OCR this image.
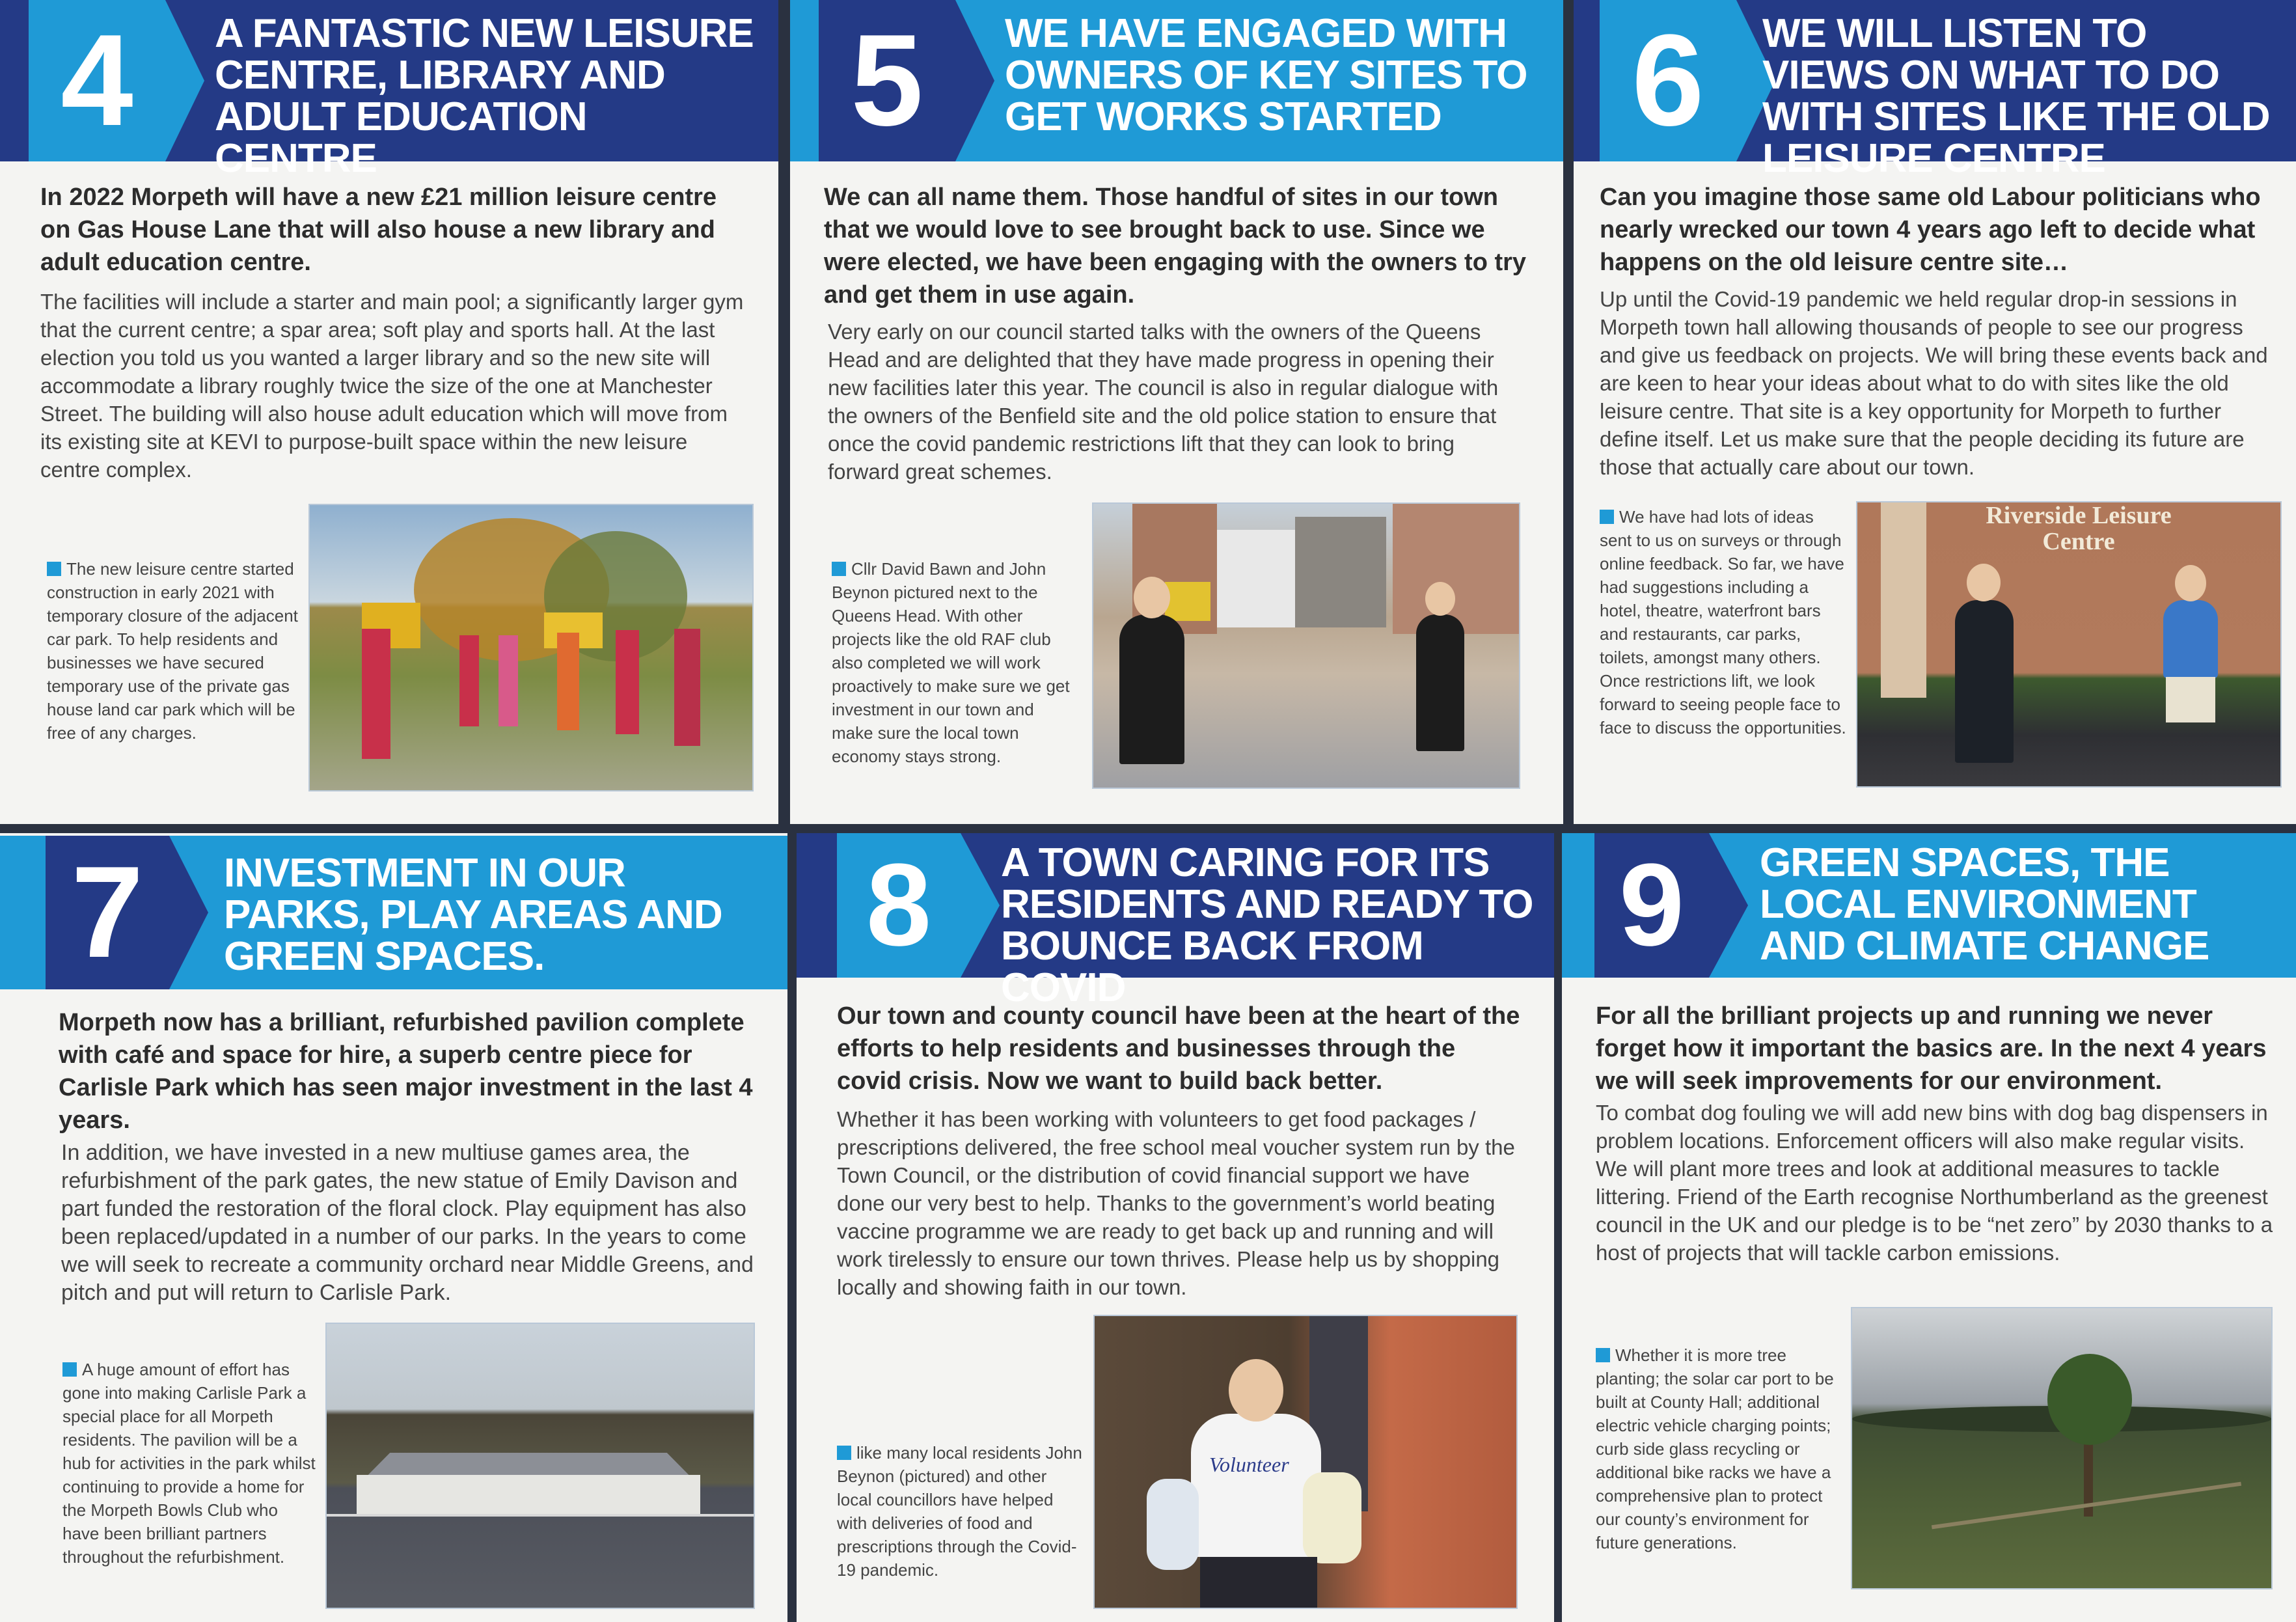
4	A FANTASTIC NEW LEISURE CENTRE, LIBRARY AND ADULT EDUCATION CENTRE
In 2022 Morpeth will have a new £21 million leisure centre on Gas House Lane that will also house a new library and adult education centre.
The facilities will include a starter and main pool; a significantly larger gym that the current centre; a spar area; soft play and sports hall. At the last election you told us you wanted a larger library and so the new site will accommodate a library roughly twice the size of the one at Manchester Street. The building will also house adult education which will move from its existing site at KEVI to purpose-built space within the new leisure centre complex.
The new leisure centre started construction in early 2021 with temporary closure of the adjacent car park. To help residents and businesses we have secured temporary use of the private gas house land car park which will be free of any charges.
5	WE HAVE ENGAGED WITH OWNERS OF KEY SITES TO GET WORKS STARTED
We can all name them. Those handful of sites in our town that we would love to see brought back to use. Since we were elected, we have been engaging with the owners to try and get them in use again.
Very early on our council started talks with the owners of the Queens Head and are delighted that they have made progress in opening their new facilities later this year. The council is also in regular dialogue with the owners of the Benfield site and the old police station to ensure that once the covid pandemic restrictions lift that they can look to bring forward great schemes.
Cllr David Bawn and John Beynon pictured next to the Queens Head. With other projects like the old RAF club also completed we will work proactively to make sure we get investment in our town and make sure the local town economy stays strong.
6	WE WILL LISTEN TO VIEWS ON WHAT TO DO WITH SITES LIKE THE OLD LEISURE CENTRE
Can you imagine those same old Labour politicians who nearly wrecked our town 4 years ago left to decide what happens on the old leisure centre site…
Up until the Covid-19 pandemic we held regular drop-in sessions in Morpeth town hall allowing thousands of people to see our progress and give us feedback on projects. We will bring these events back and are keen to hear your ideas about what to do with sites like the old leisure centre. That site is a key opportunity for Morpeth to further define itself. Let us make sure that the people deciding its future are those that actually care about our town.
We have had lots of ideas sent to us on surveys or through online feedback. So far, we have had suggestions including a hotel, theatre, waterfront bars and restaurants, car parks, toilets, amongst many others. Once restrictions lift, we look forward to seeing people face to face to discuss the opportunities.
Riverside Leisure Centre
7	INVESTMENT IN OUR PARKS, PLAY AREAS AND GREEN SPACES.
Morpeth now has a brilliant, refurbished pavilion complete with café and space for hire, a superb centre piece for Carlisle Park which has seen major investment in the last 4 years.
In addition, we have invested in a new multiuse games area, the refurbishment of the park gates, the new statue of Emily Davison and part funded the restoration of the floral clock. Play equipment has also been replaced/updated in a number of our parks. In the years to come we will seek to recreate a community orchard near Middle Greens, and pitch and put will return to Carlisle Park.
A huge amount of effort has gone into making Carlisle Park a special place for all Morpeth residents. The pavilion will be a hub for activities in the park whilst continuing to provide a home for the Morpeth Bowls Club who have been brilliant partners throughout the refurbishment.
8	A TOWN CARING FOR ITS RESIDENTS AND READY TO BOUNCE BACK FROM COVID
Our town and county council have been at the heart of the efforts to help residents and businesses through the covid crisis. Now we want to build back better.
Whether it has been working with volunteers to get food packages / prescriptions delivered, the free school meal voucher system run by the Town Council, or the distribution of covid financial support we have done our very best to help. Thanks to the government’s world beating vaccine programme we are ready to get back up and running and will work tirelessly to ensure our town thrives. Please help us by shopping locally and showing faith in our town.
like many local residents John Beynon (pictured) and other local councillors have helped with deliveries of food and prescriptions through the Covid-19 pandemic.
Volunteer
9	GREEN SPACES, THE LOCAL ENVIRONMENT AND CLIMATE CHANGE
For all the brilliant projects up and running we never forget how it important the basics are. In the next 4 years we will seek improvements for our environment.
To combat dog fouling we will add new bins with dog bag dispensers in problem locations. Enforcement officers will also make regular visits. We will plant more trees and look at additional measures to tackle littering. Friend of the Earth recognise Northumberland as the greenest council in the UK and our pledge is to be “net zero” by 2030 thanks to a host of projects that will tackle carbon emissions.
Whether it is more tree planting; the solar car port to be built at County Hall; additional electric vehicle charging points; curb side glass recycling or additional bike racks we have a comprehensive plan to protect our county’s environment for future generations.
